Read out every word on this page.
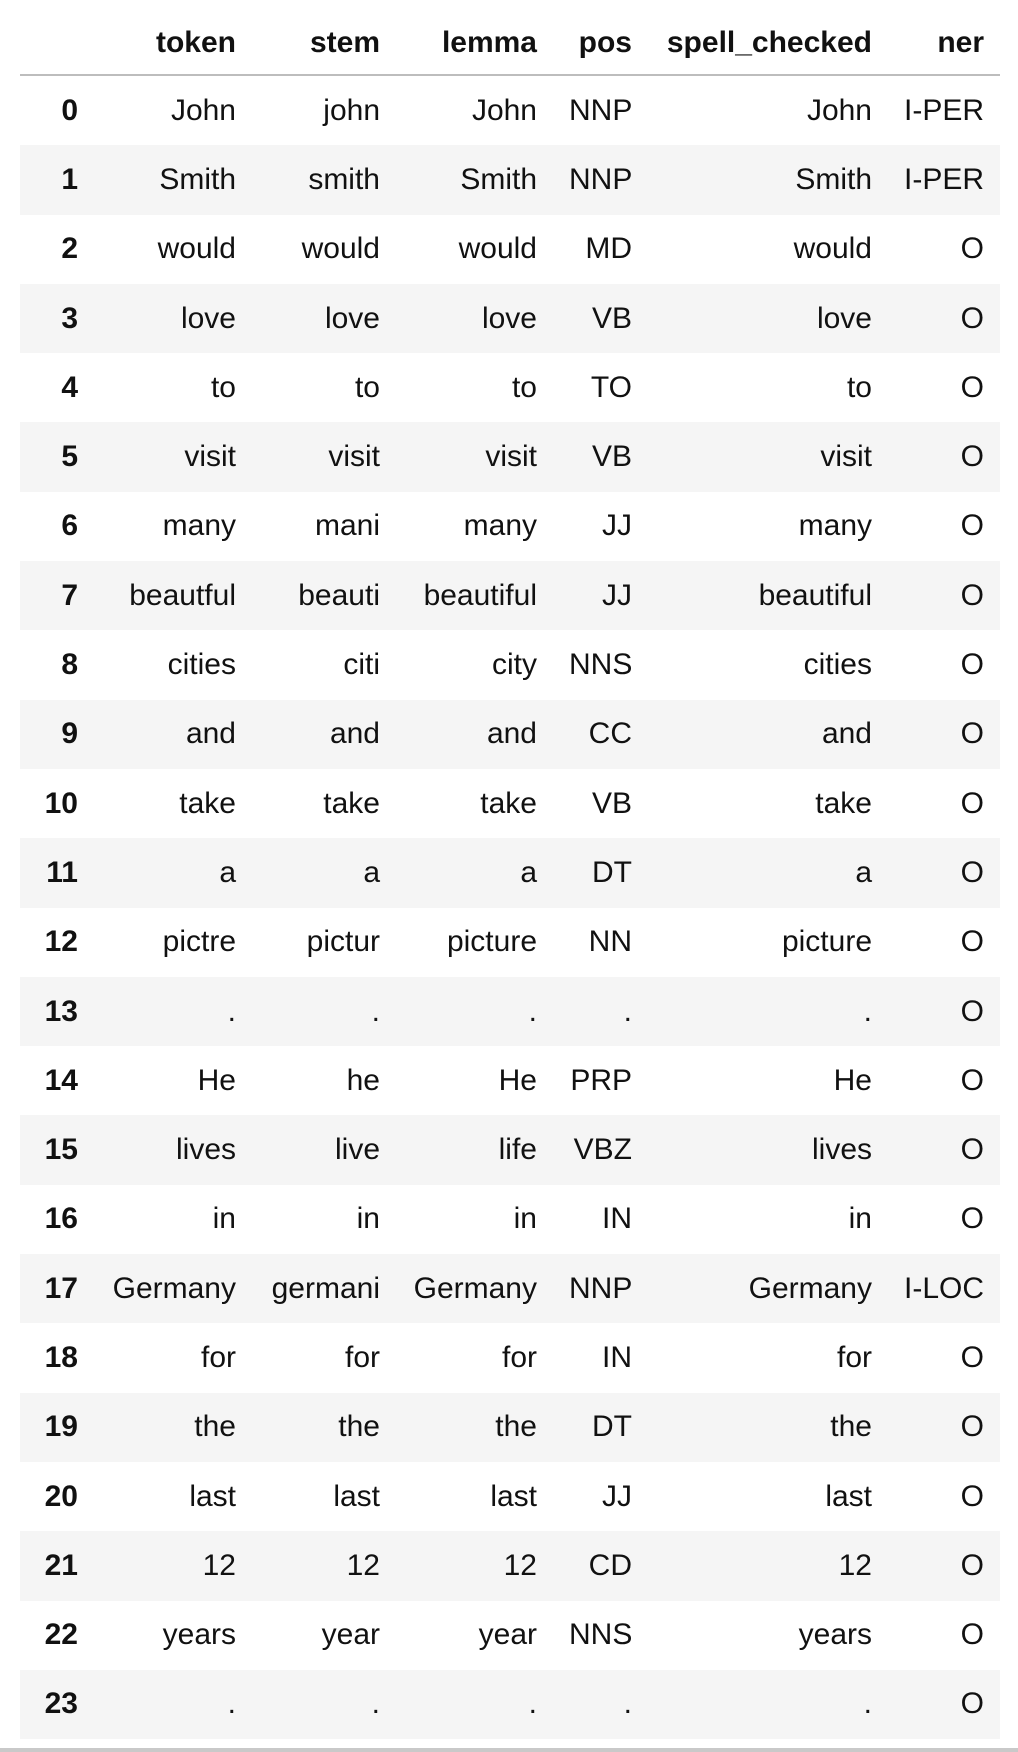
	token	stem	lemma	pos	spell_checked	ner
0	John	john	John	NNP	John	I-PER
1	Smith	smith	Smith	NNP	Smith	I-PER
2	would	would	would	MD	would	O
3	love	love	love	VB	love	O
4	to	to	to	TO	to	O
5	visit	visit	visit	VB	visit	O
6	many	mani	many	JJ	many	O
7	beautful	beauti	beautiful	JJ	beautiful	O
8	cities	citi	city	NNS	cities	O
9	and	and	and	CC	and	O
10	take	take	take	VB	take	O
11	a	a	a	DT	a	O
12	pictre	pictur	picture	NN	picture	O
13	.	.	.	.	.	O
14	He	he	He	PRP	He	O
15	lives	live	life	VBZ	lives	O
16	in	in	in	IN	in	O
17	Germany	germani	Germany	NNP	Germany	I-LOC
18	for	for	for	IN	for	O
19	the	the	the	DT	the	O
20	last	last	last	JJ	last	O
21	12	12	12	CD	12	O
22	years	year	year	NNS	years	O
23	.	.	.	.	.	O
